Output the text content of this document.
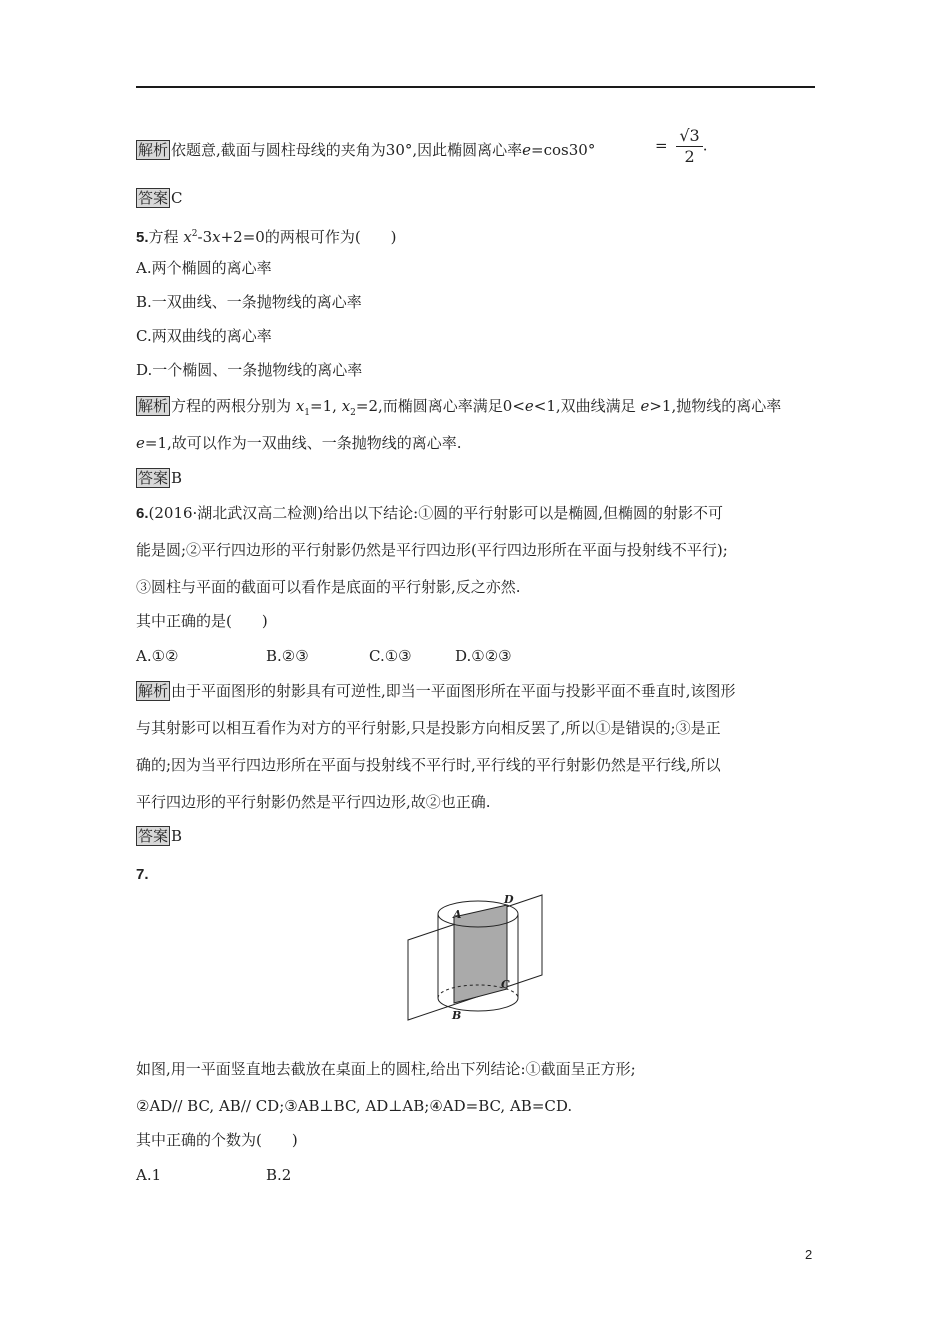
解析 依题意,截面与圆柱母线的夹角为30°,因此椭圆离心率e=cos30°	= $\frac{√3}{2}$ .
答案 C
5.方程 $x^2-3x+2=0$的两根可作为(　　)
A.两个椭圆的离心率
B.一双曲线、一条抛物线的离心率
C.两双曲线的离心率
D.一个椭圆、一条抛物线的离心率
解析 方程的两根分别为 $x_1=1$, $x_2=2$,而椭圆离心率满足0<e<1,双曲线满足 e>1,抛物线的离心率
e=1,故可以作为一双曲线、一条抛物线的离心率.
答案 B
6.(2016·湖北武汉高二检测)给出以下结论:①圆的平行射影可以是椭圆,但椭圆的射影不可
能是圆;②平行四边形的平行射影仍然是平行四边形(平行四边形所在平面与投射线不平行);
③圆柱与平面的截面可以看作是底面的平行射影,反之亦然.
其中正确的是(　　)
A.①②	B.②③	C.①③	D.①②③
解析 由于平面图形的射影具有可逆性,即当一平面图形所在平面与投影平面不垂直时,该图形
与其射影可以相互看作为对方的平行射影,只是投影方向相反罢了,所以①是错误的;③是正
确的;因为当平行四边形所在平面与投射线不平行时,平行线的平行射影仍然是平行线,所以
平行四边形的平行射影仍然是平行四边形,故②也正确.
答案 B
7.
A
D
C
B
如图,用一平面竖直地去截放在桌面上的圆柱,给出下列结论:①截面呈正方形;
②AD// BC, AB// CD;③AB⊥BC, AD⊥AB;④AD=BC, AB=CD.
其中正确的个数为(　　)
A.1	B.2
2
